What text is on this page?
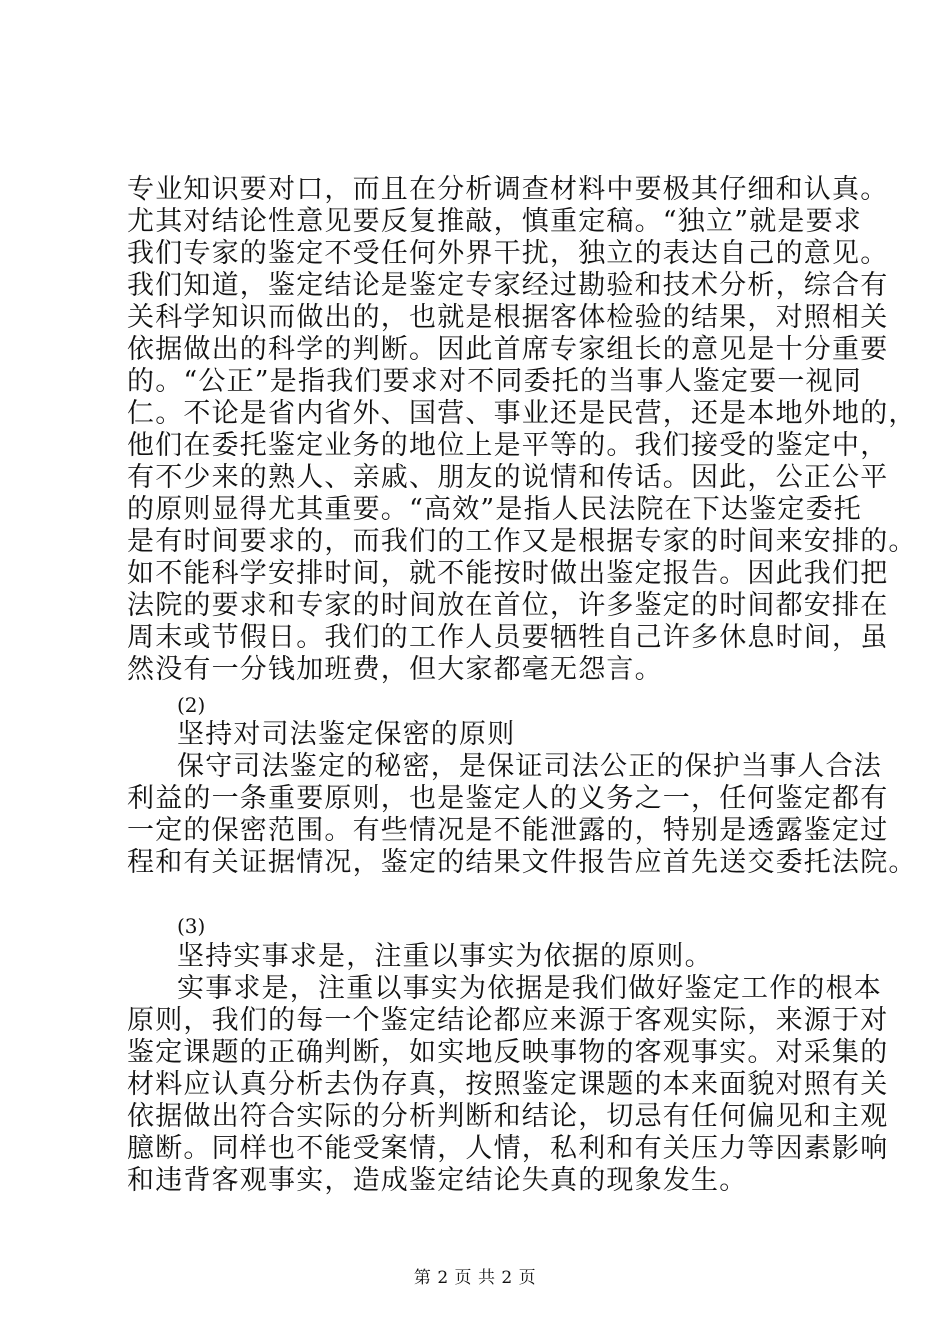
专业知识要对口，而且在分析调查材料中要极其仔细和认真。
尤其对结论性意见要反复推敲，慎重定稿。“独立”就是要求
我们专家的鉴定不受任何外界干扰，独立的表达自己的意见。
我们知道，鉴定结论是鉴定专家经过勘验和技术分析，综合有
关科学知识而做出的，也就是根据客体检验的结果，对照相关
依据做出的科学的判断。因此首席专家组长的意见是十分重要
的。“公正”是指我们要求对不同委托的当事人鉴定要一视同
仁。不论是省内省外、国营、事业还是民营，还是本地外地的，
他们在委托鉴定业务的地位上是平等的。我们接受的鉴定中，
有不少来的熟人、亲戚、朋友的说情和传话。因此，公正公平
的原则显得尤其重要。“高效”是指人民法院在下达鉴定委托
是有时间要求的，而我们的工作又是根据专家的时间来安排的。
如不能科学安排时间，就不能按时做出鉴定报告。因此我们把
法院的要求和专家的时间放在首位，许多鉴定的时间都安排在
周末或节假日。我们的工作人员要牺牲自己许多休息时间，虽
然没有一分钱加班费，但大家都毫无怨言。
(2)
坚持对司法鉴定保密的原则
保守司法鉴定的秘密，是保证司法公正的保护当事人合法
利益的一条重要原则，也是鉴定人的义务之一，任何鉴定都有
一定的保密范围。有些情况是不能泄露的，特别是透露鉴定过
程和有关证据情况，鉴定的结果文件报告应首先送交委托法院。
(3)
坚持实事求是，注重以事实为依据的原则。
实事求是，注重以事实为依据是我们做好鉴定工作的根本
原则，我们的每一个鉴定结论都应来源于客观实际，来源于对
鉴定课题的正确判断，如实地反映事物的客观事实。对采集的
材料应认真分析去伪存真，按照鉴定课题的本来面貌对照有关
依据做出符合实际的分析判断和结论，切忌有任何偏见和主观
臆断。同样也不能受案情，人情，私利和有关压力等因素影响
和违背客观事实，造成鉴定结论失真的现象发生。
第 2 页 共 2 页
